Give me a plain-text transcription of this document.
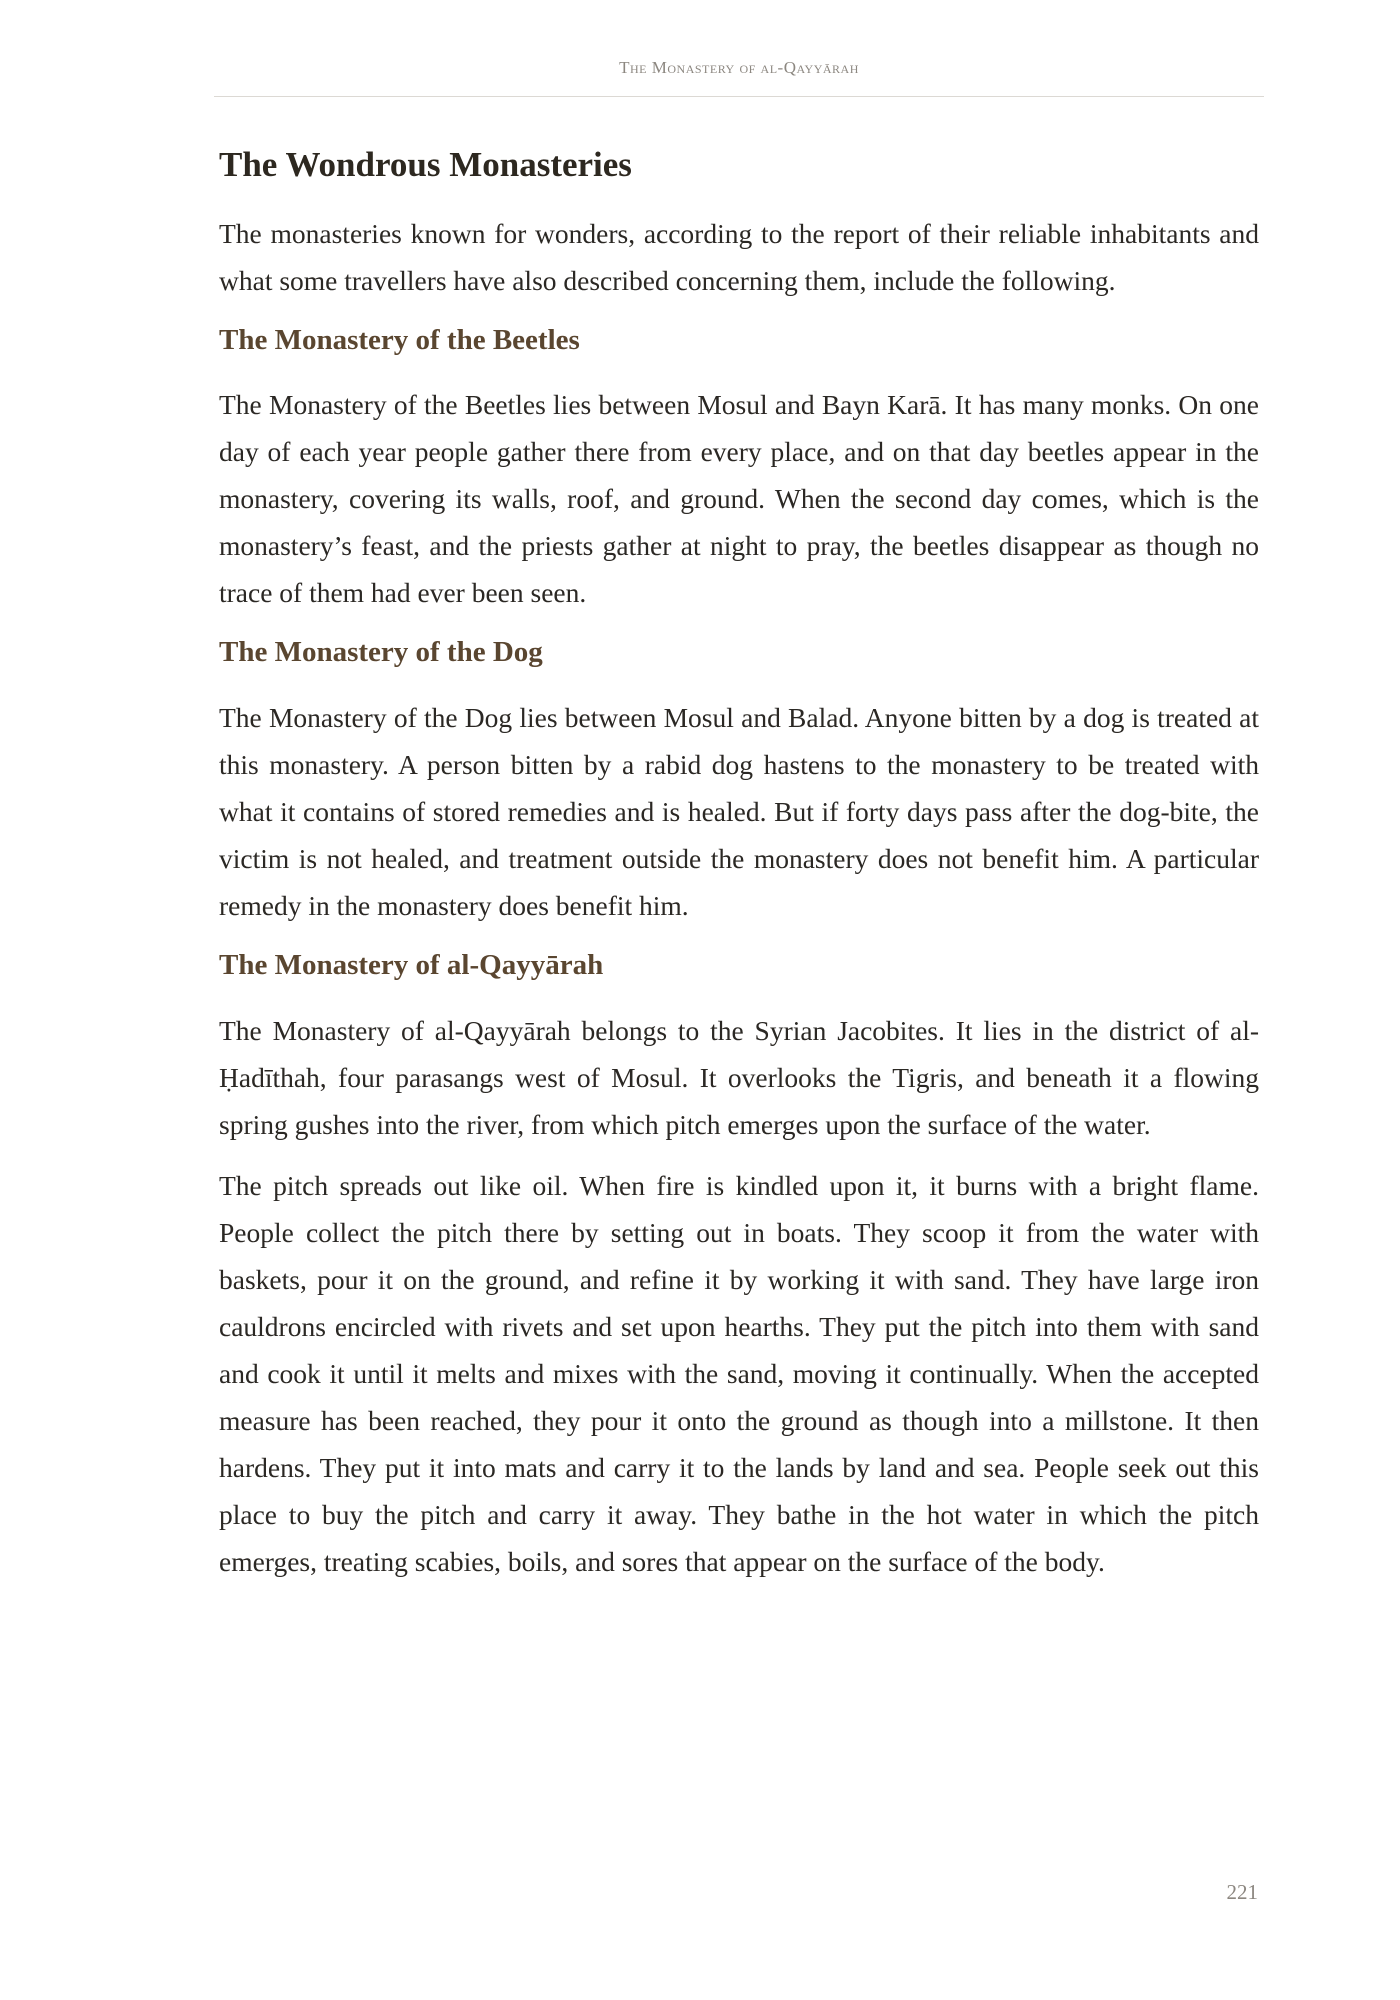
The Monastery of al-Qayyārah
The Wondrous Monasteries

The monasteries known for wonders, according to the report of their reliable inhabitants and what some travellers have also described concerning them, include the following.

The Monastery of the Beetles

The Monastery of the Beetles lies between Mosul and Bayn Karā. It has many monks. On one day of each year people gather there from every place, and on that day beetles appear in the monastery, covering its walls, roof, and ground. When the second day comes, which is the monastery’s feast, and the priests gather at night to pray, the beetles disappear as though no trace of them had ever been seen.

The Monastery of the Dog

The Monastery of the Dog lies between Mosul and Balad. Anyone bitten by a dog is treated at this monastery. A person bitten by a rabid dog hastens to the monastery to be treated with what it contains of stored remedies and is healed. But if forty days pass after the dog-bite, the victim is not healed, and treatment outside the monastery does not benefit him. A particular remedy in the monastery does benefit him.

The Monastery of al-Qayyārah

The Monastery of al-Qayyārah belongs to the Syrian Jacobites. It lies in the district of al-Ḥadīthah, four parasangs west of Mosul. It overlooks the Tigris, and beneath it a flowing spring gushes into the river, from which pitch emerges upon the surface of the water.

The pitch spreads out like oil. When fire is kindled upon it, it burns with a bright flame. People collect the pitch there by setting out in boats. They scoop it from the water with baskets, pour it on the ground, and refine it by working it with sand. They have large iron cauldrons encircled with rivets and set upon hearths. They put the pitch into them with sand and cook it until it melts and mixes with the sand, moving it continually. When the accepted measure has been reached, they pour it onto the ground as though into a millstone. It then hardens. They put it into mats and carry it to the lands by land and sea. People seek out this place to buy the pitch and carry it away. They bathe in the hot water in which the pitch emerges, treating scabies, boils, and sores that appear on the surface of the body.

221
